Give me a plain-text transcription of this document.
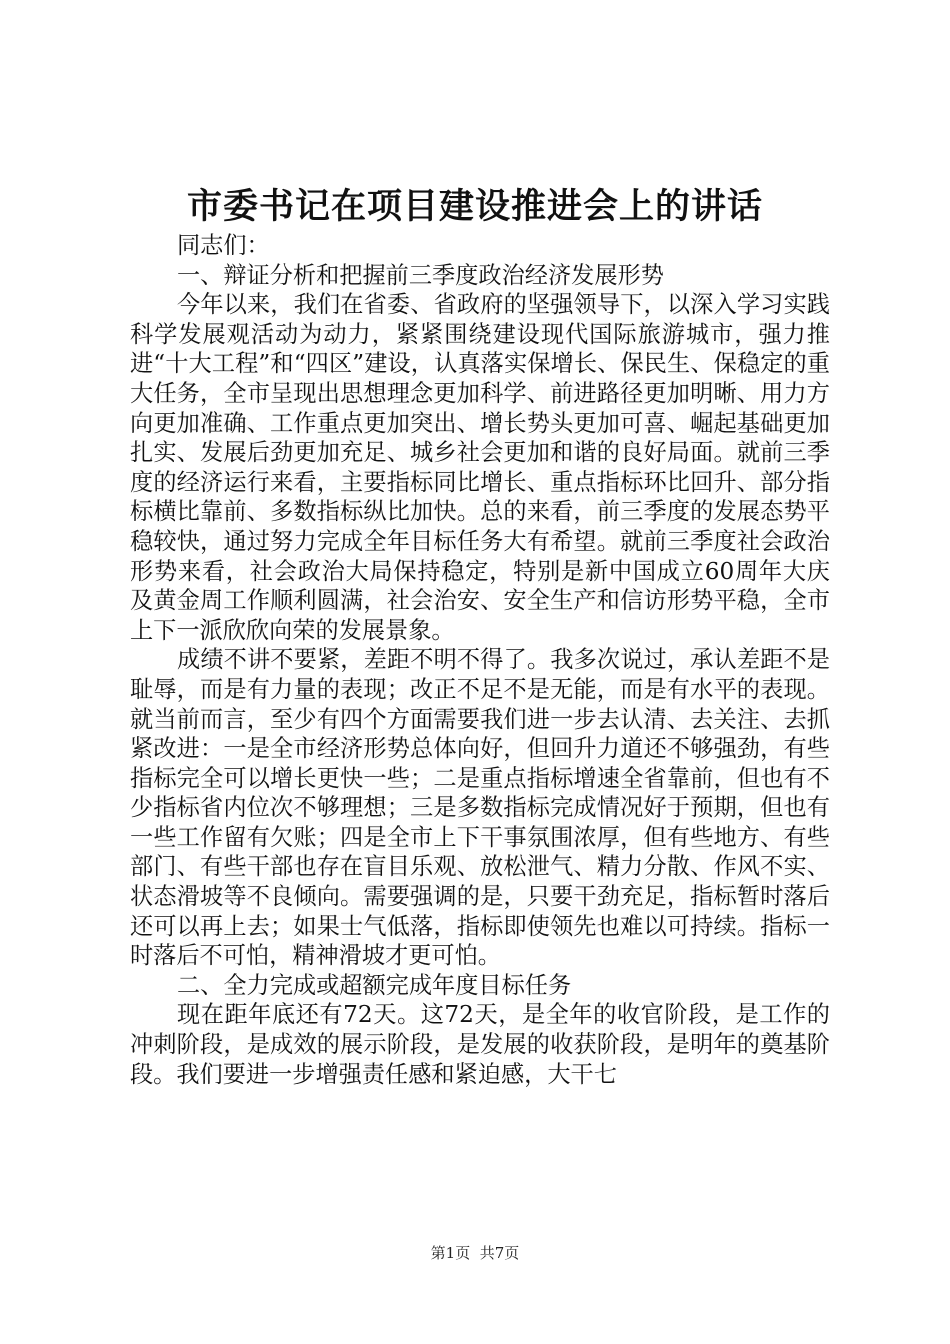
市委书记在项目建设推进会上的讲话

同志们：

一、辩证分析和把握前三季度政治经济发展形势

今年以来，我们在省委、省政府的坚强领导下，以深入学习实践科学发展观活动为动力，紧紧围绕建设现代国际旅游城市，强力推进“十大工程”和“四区”建设，认真落实保增长、保民生、保稳定的重大任务，全市呈现出思想理念更加科学、前进路径更加明晰、用力方向更加准确、工作重点更加突出、增长势头更加可喜、崛起基础更加扎实、发展后劲更加充足、城乡社会更加和谐的良好局面。就前三季度的经济运行来看，主要指标同比增长、重点指标环比回升、部分指标横比靠前、多数指标纵比加快。总的来看，前三季度的发展态势平稳较快，通过努力完成全年目标任务大有希望。就前三季度社会政治形势来看，社会政治大局保持稳定，特别是新中国成立60周年大庆及黄金周工作顺利圆满，社会治安、安全生产和信访形势平稳，全市上下一派欣欣向荣的发展景象。

成绩不讲不要紧，差距不明不得了。我多次说过，承认差距不是耻辱，而是有力量的表现；改正不足不是无能，而是有水平的表现。就当前而言，至少有四个方面需要我们进一步去认清、去关注、去抓紧改进：一是全市经济形势总体向好，但回升力道还不够强劲，有些指标完全可以增长更快一些；二是重点指标增速全省靠前，但也有不少指标省内位次不够理想；三是多数指标完成情况好于预期，但也有一些工作留有欠账；四是全市上下干事氛围浓厚，但有些地方、有些部门、有些干部也存在盲目乐观、放松泄气、精力分散、作风不实、状态滑坡等不良倾向。需要强调的是，只要干劲充足，指标暂时落后还可以再上去；如果士气低落，指标即使领先也难以可持续。指标一时落后不可怕，精神滑坡才更可怕。

二、全力完成或超额完成年度目标任务

现在距年底还有72天。这72天，是全年的收官阶段，是工作的冲刺阶段，是成效的展示阶段，是发展的收获阶段，是明年的奠基阶段。我们要进一步增强责任感和紧迫感，大干七

第1页 共7页
